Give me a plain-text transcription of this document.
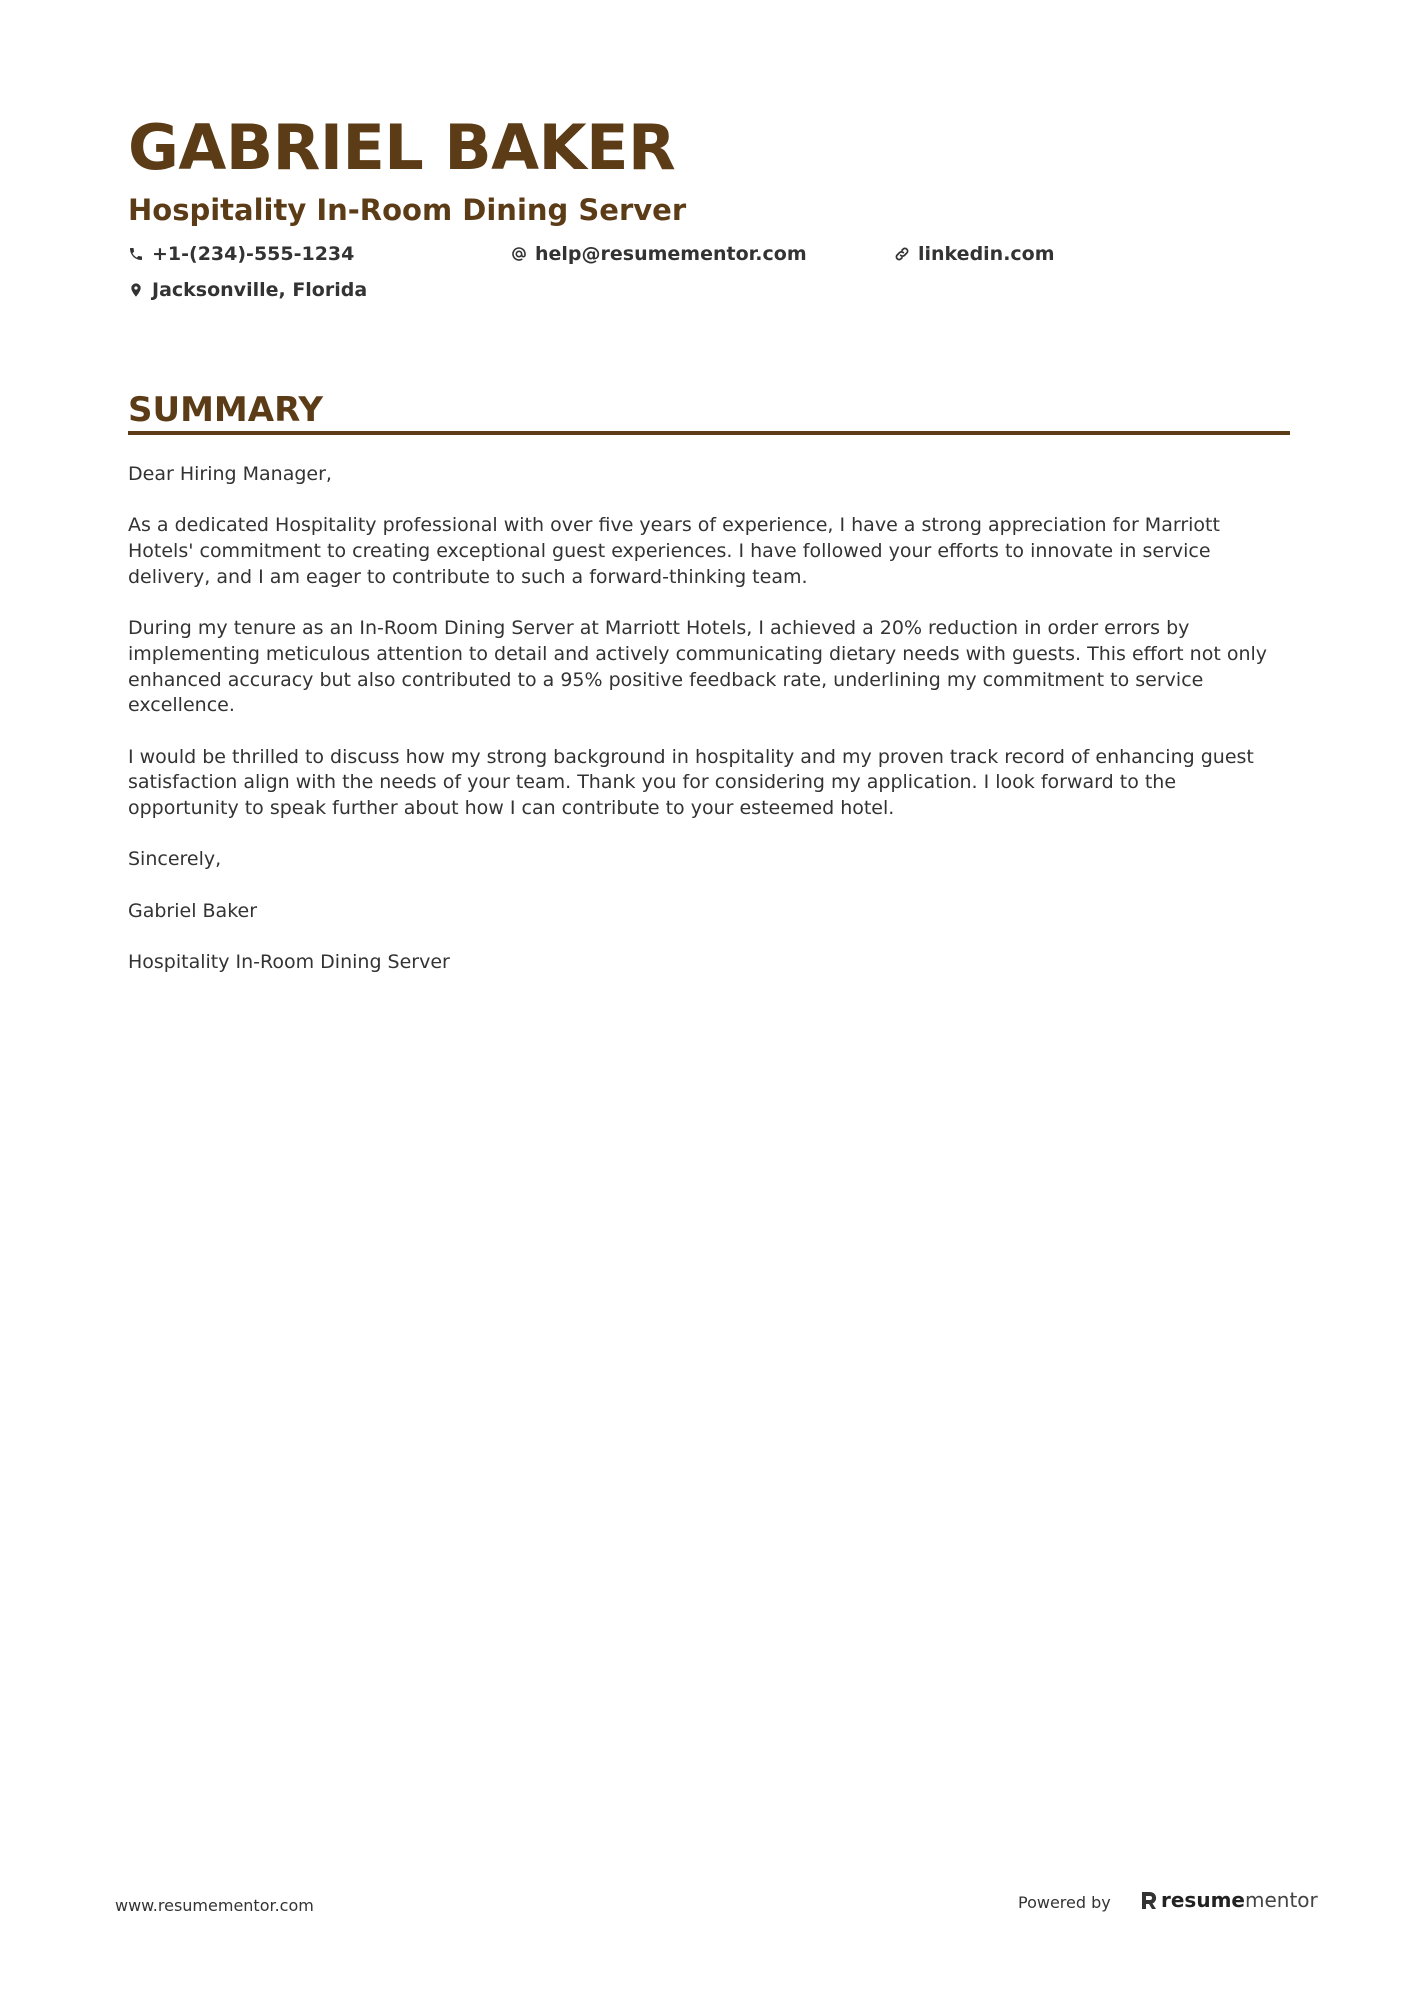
GABRIEL BAKER
Hospitality In-Room Dining Server
+1-(234)-555-1234	help@resumementor.com	linkedin.com
Jacksonville, Florida
SUMMARY

Dear Hiring Manager,

As a dedicated Hospitality professional with over five years of experience, I have a strong appreciation for Marriott Hotels' commitment to creating exceptional guest experiences. I have followed your efforts to innovate in service delivery, and I am eager to contribute to such a forward-thinking team.

During my tenure as an In-Room Dining Server at Marriott Hotels, I achieved a 20% reduction in order errors by implementing meticulous attention to detail and actively communicating dietary needs with guests. This effort not only enhanced accuracy but also contributed to a 95% positive feedback rate, underlining my commitment to service excellence.

I would be thrilled to discuss how my strong background in hospitality and my proven track record of enhancing guest satisfaction align with the needs of your team. Thank you for considering my application. I look forward to the opportunity to speak further about how I can contribute to your esteemed hotel.

Sincerely,

Gabriel Baker

Hospitality In-Room Dining Server

www.resumementor.com	Powered by	resume mentor
